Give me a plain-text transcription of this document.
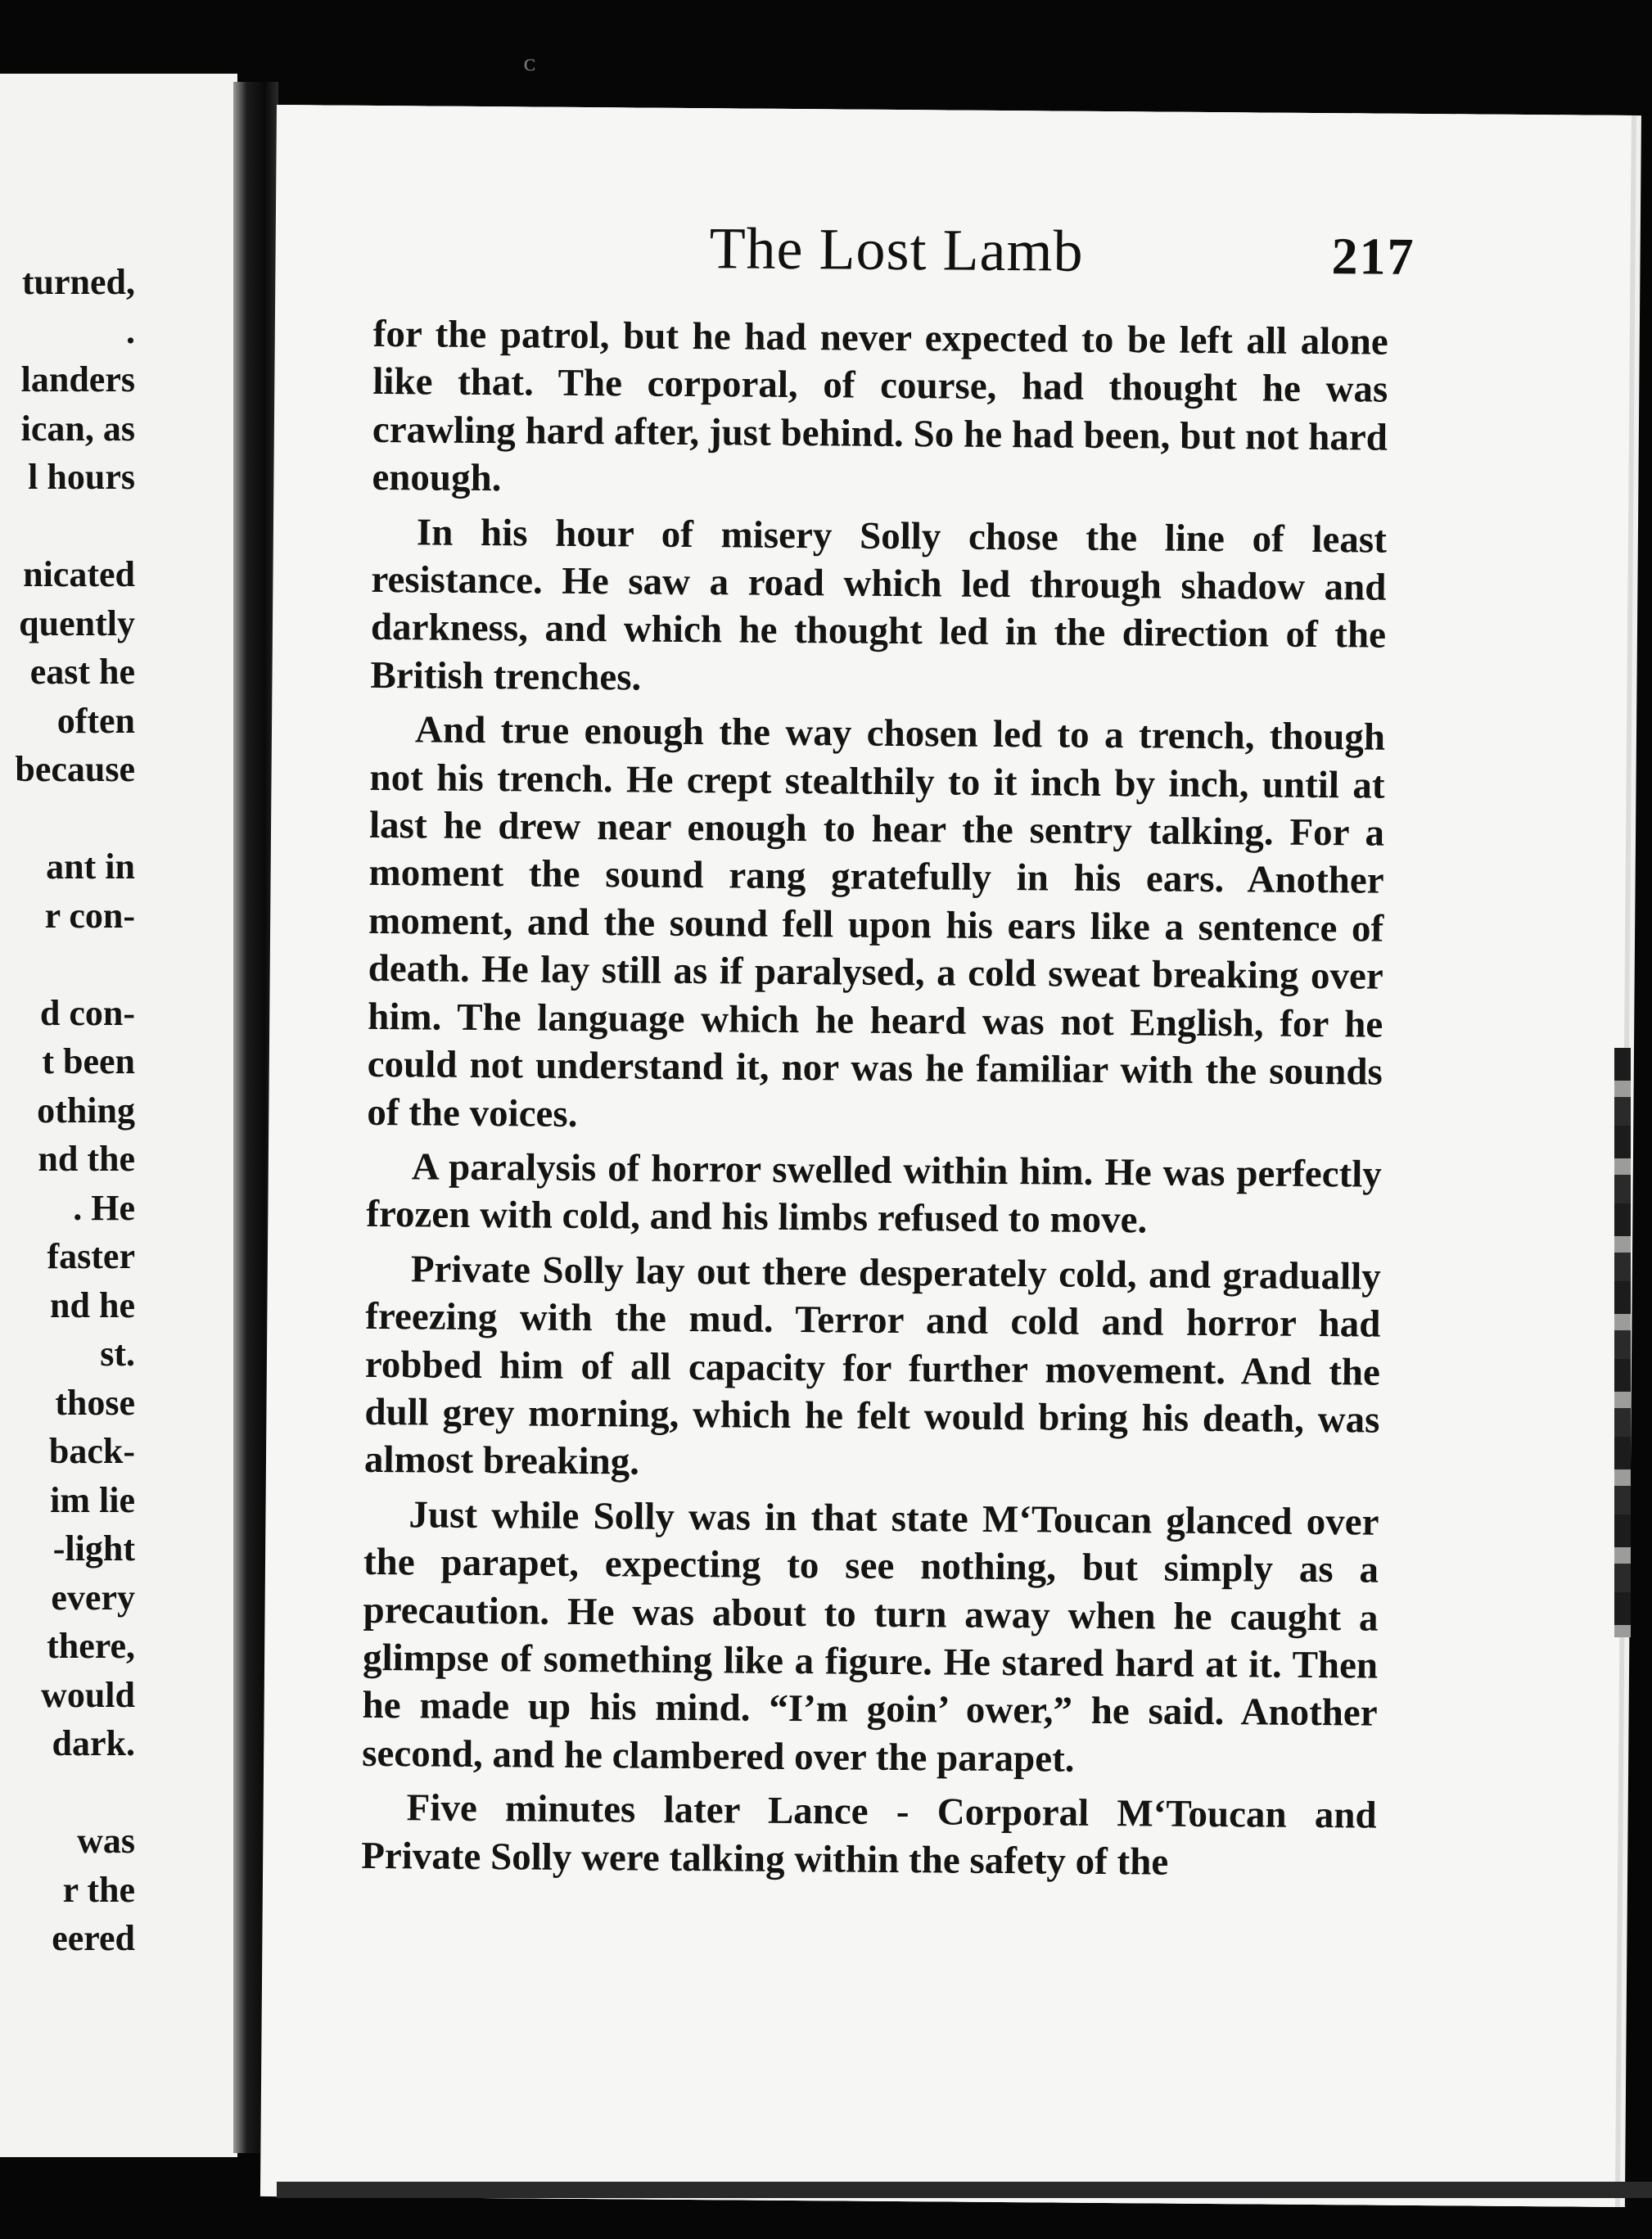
turned,
.
landers
ican, as
l hours
nicated
quently
east he
often
because
ant in
r con-
d con-
t been
othing
nd the
. He
faster
nd he
st.
those
back-
im lie
-light
every
there,
would
dark.
was
r the
eered
ᴄ
The Lost Lamb	217

for the patrol, but he had never expected to be left all alone like that. The corporal, of course, had thought he was crawling hard after, just behind. So he had been, but not hard enough.

In his hour of misery Solly chose the line of least resistance. He saw a road which led through shadow and darkness, and which he thought led in the direction of the British trenches.

And true enough the way chosen led to a trench, though not his trench. He crept stealthily to it inch by inch, until at last he drew near enough to hear the sentry talking. For a moment the sound rang gratefully in his ears. Another moment, and the sound fell upon his ears like a sentence of death. He lay still as if paralysed, a cold sweat breaking over him. The language which he heard was not English, for he could not understand it, nor was he familiar with the sounds of the voices.

A paralysis of horror swelled within him. He was perfectly frozen with cold, and his limbs refused to move.

Private Solly lay out there desperately cold, and gradually freezing with the mud. Terror and cold and horror had robbed him of all capacity for further movement. And the dull grey morning, which he felt would bring his death, was almost breaking.

Just while Solly was in that state M‘Toucan glanced over the parapet, expecting to see nothing, but simply as a precaution. He was about to turn away when he caught a glimpse of something like a figure. He stared hard at it. Then he made up his mind. “I’m goin’ ower,” he said. Another second, and he clambered over the parapet.

Five minutes later Lance - Corporal M‘Toucan and Private Solly were talking within the safety of the
